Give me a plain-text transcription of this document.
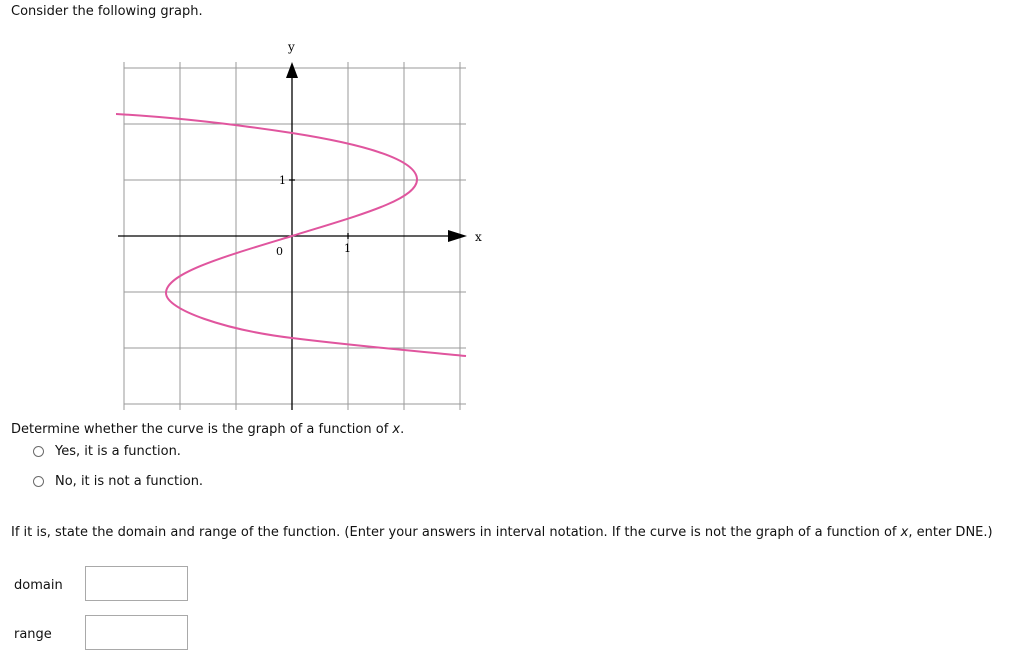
Consider the following graph.
y
x
0	1
1
Determine whether the curve is the graph of a function of x.
Yes, it is a function.
No, it is not a function.
If it is, state the domain and range of the function. (Enter your answers in interval notation. If the curve is not the graph of a function of x, enter DNE.)
domain
range
